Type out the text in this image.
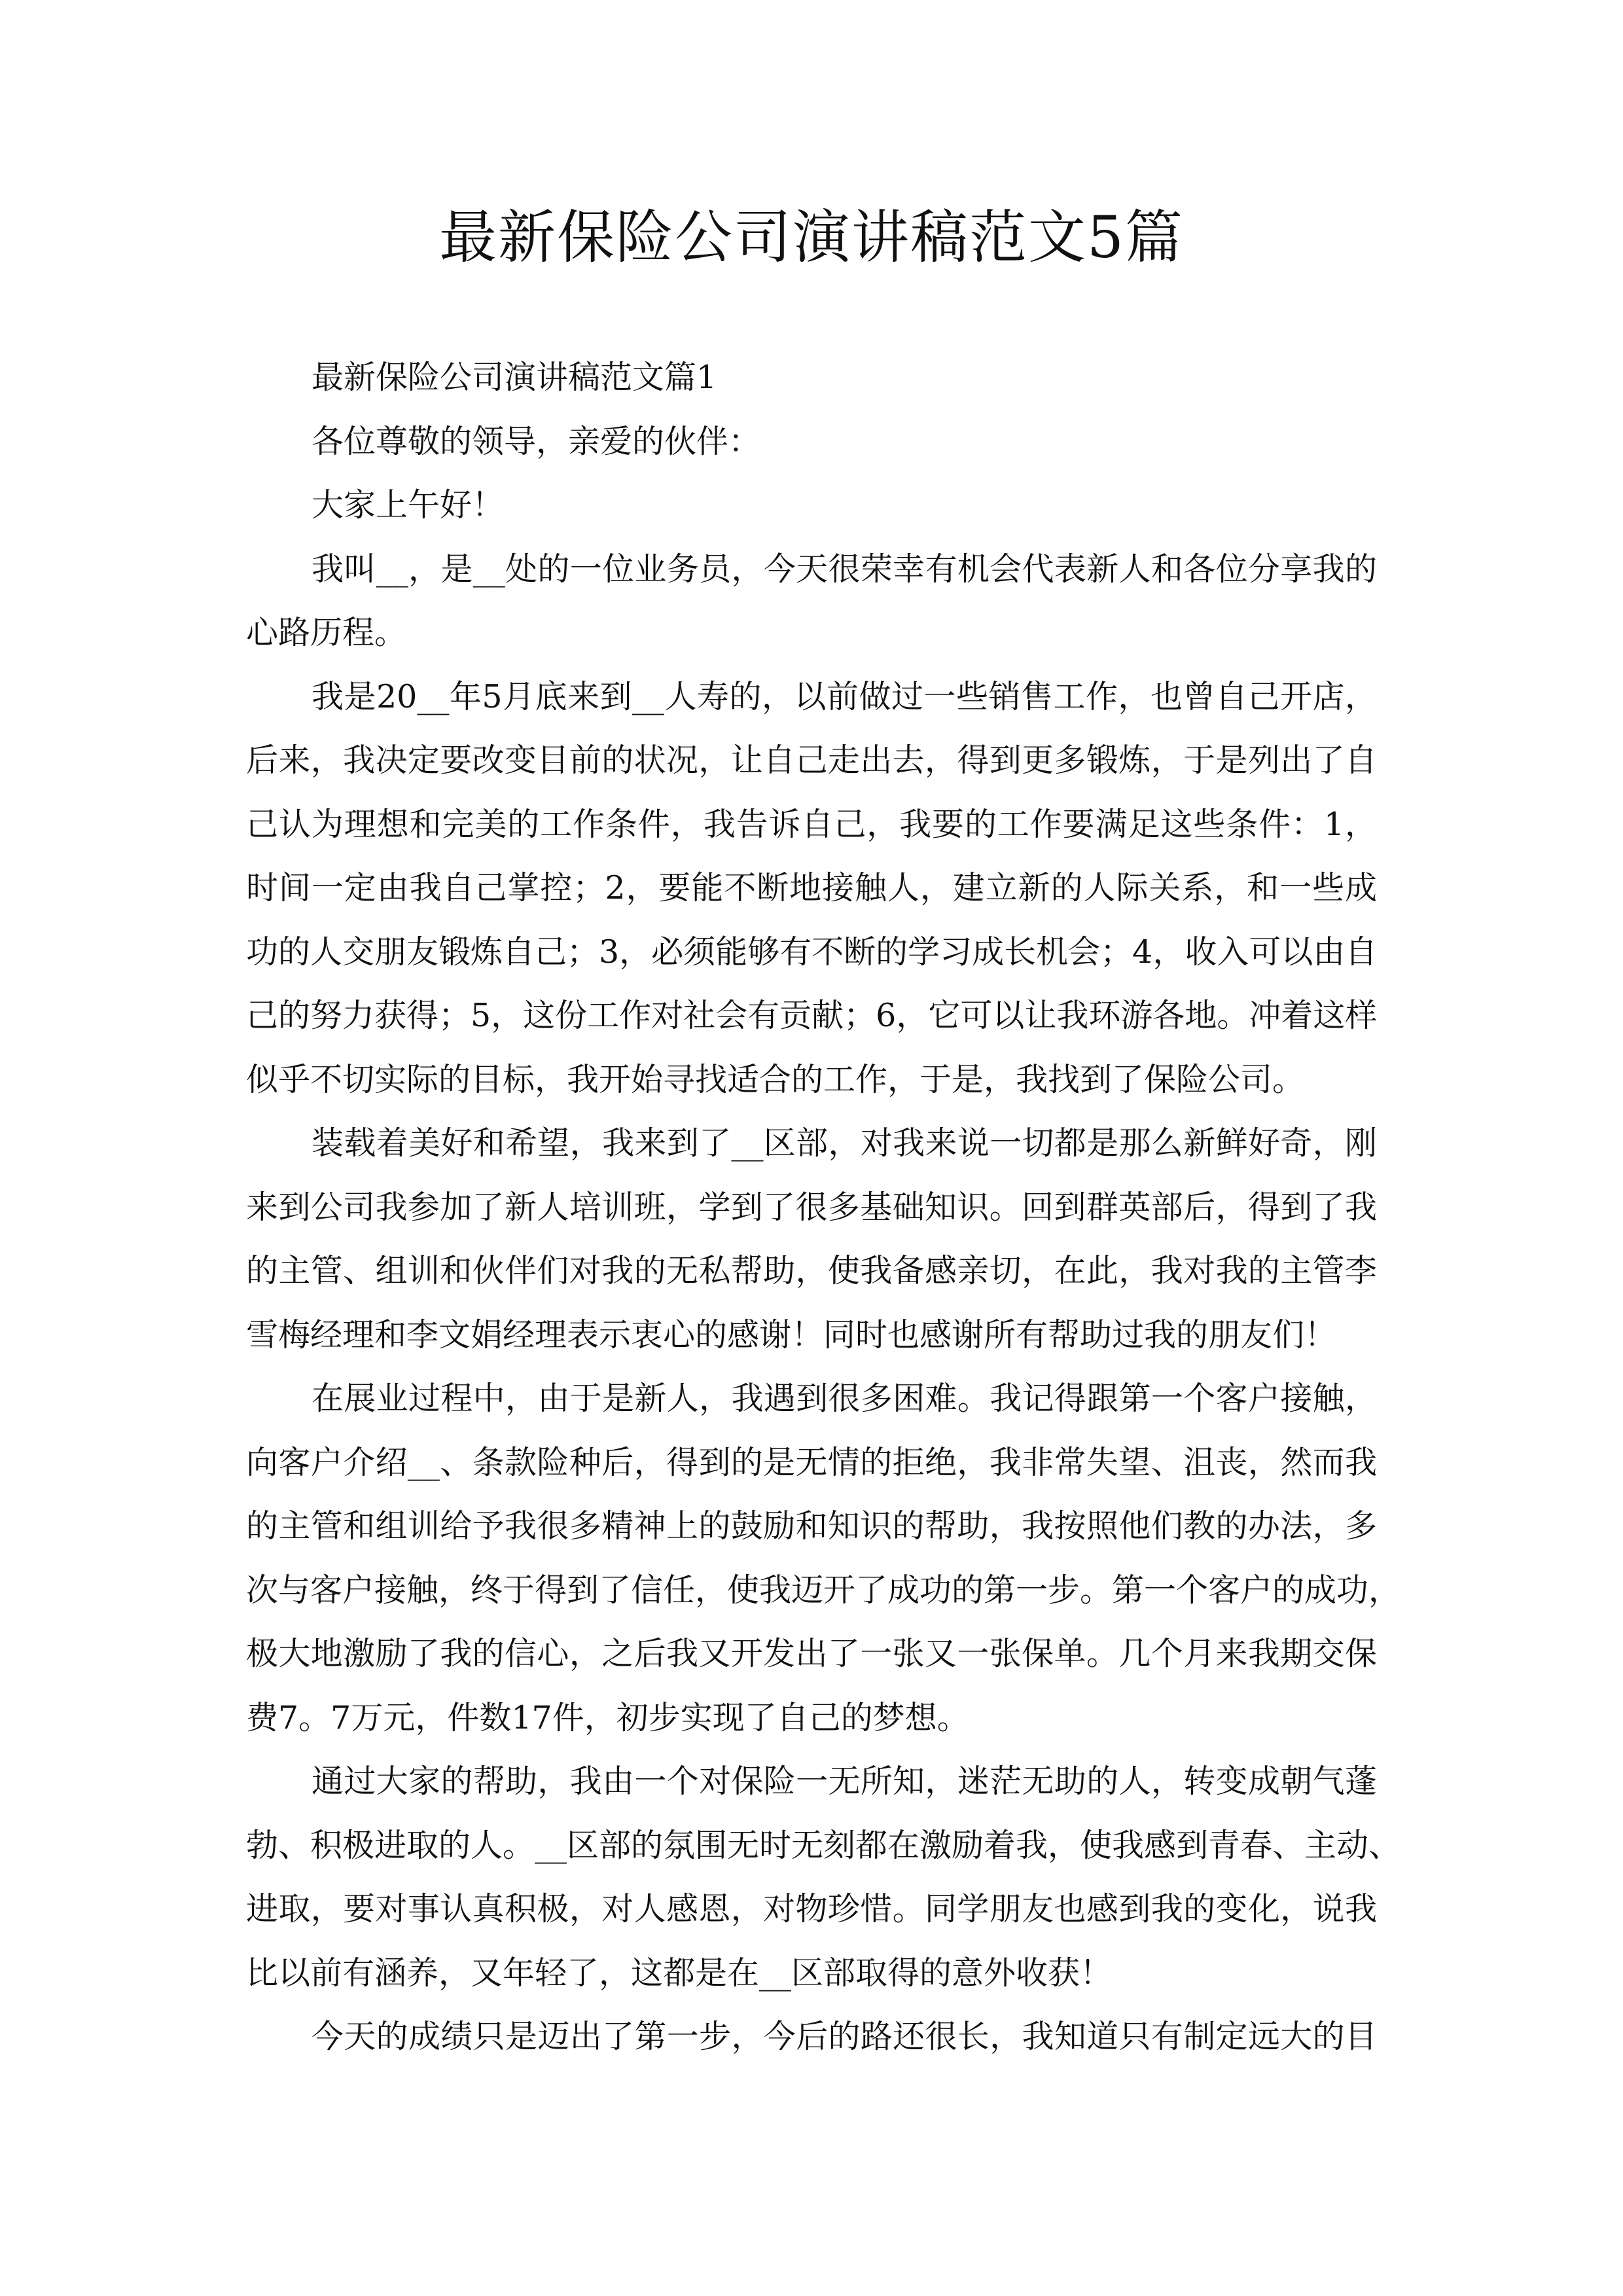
最新保险公司演讲稿范文5篇
最新保险公司演讲稿范文篇1
各位尊敬的领导，亲爱的伙伴：
大家上午好！
我叫__，是__处的一位业务员，今天很荣幸有机会代表新人和各位分享我的
心路历程。
我是20__年5月底来到__人寿的，以前做过一些销售工作，也曾自己开店，
后来，我决定要改变目前的状况，让自己走出去，得到更多锻炼，于是列出了自
己认为理想和完美的工作条件，我告诉自己，我要的工作要满足这些条件：1，
时间一定由我自己掌控；2，要能不断地接触人，建立新的人际关系，和一些成
功的人交朋友锻炼自己；3，必须能够有不断的学习成长机会；4，收入可以由自
己的努力获得；5，这份工作对社会有贡献；6，它可以让我环游各地。冲着这样
似乎不切实际的目标，我开始寻找适合的工作，于是，我找到了保险公司。
装载着美好和希望，我来到了__区部，对我来说一切都是那么新鲜好奇，刚
来到公司我参加了新人培训班，学到了很多基础知识。回到群英部后，得到了我
的主管、组训和伙伴们对我的无私帮助，使我备感亲切，在此，我对我的主管李
雪梅经理和李文娟经理表示衷心的感谢！同时也感谢所有帮助过我的朋友们！
在展业过程中，由于是新人，我遇到很多困难。我记得跟第一个客户接触，
向客户介绍__、条款险种后，得到的是无情的拒绝，我非常失望、沮丧，然而我
的主管和组训给予我很多精神上的鼓励和知识的帮助，我按照他们教的办法，多
次与客户接触，终于得到了信任，使我迈开了成功的第一步。第一个客户的成功，
极大地激励了我的信心，之后我又开发出了一张又一张保单。几个月来我期交保
费7。7万元，件数17件，初步实现了自己的梦想。
通过大家的帮助，我由一个对保险一无所知，迷茫无助的人，转变成朝气蓬
勃、积极进取的人。__区部的氛围无时无刻都在激励着我，使我感到青春、主动、
进取，要对事认真积极，对人感恩，对物珍惜。同学朋友也感到我的变化，说我
比以前有涵养，又年轻了，这都是在__区部取得的意外收获！
今天的成绩只是迈出了第一步，今后的路还很长，我知道只有制定远大的目
